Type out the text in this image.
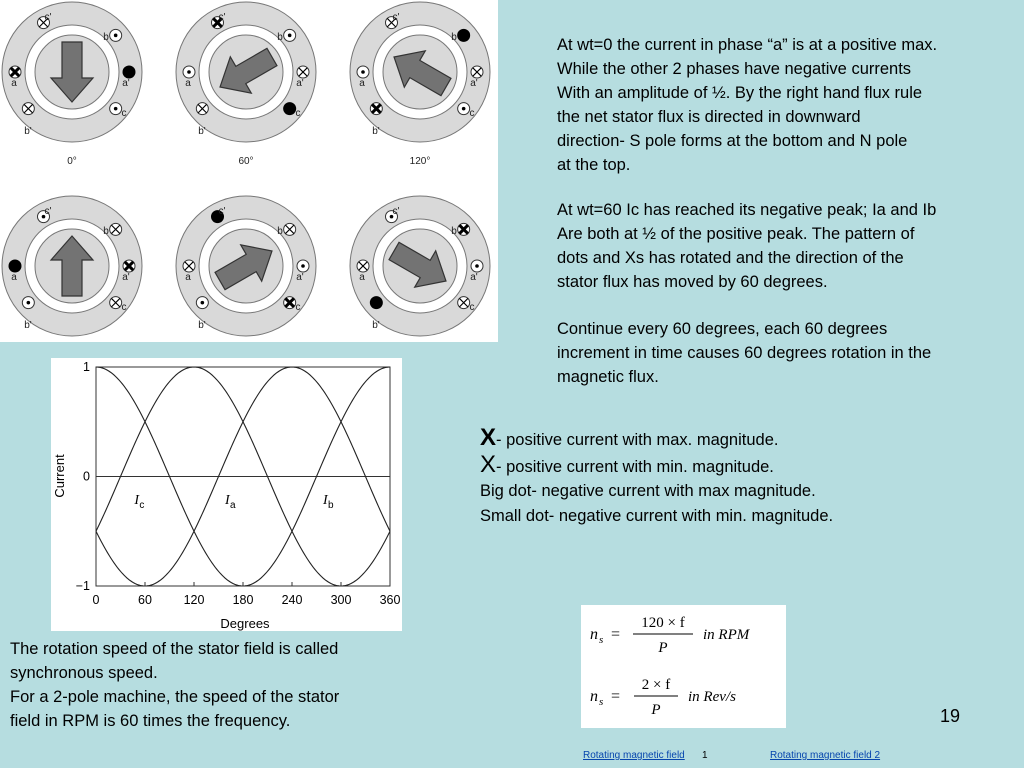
a	a'
b
b'
c
c'
0°
a	a'
b
b'
c
c'
60°
a	a'
b
b'
c
c'
120°
a	a'
b
b'
c
c'
a	a'
b
b'
c
c'
a	a'
b
b'
c
c'
0	60	120 180 240 300 360
1
0
−1
Degrees
Current
I a	I b
I c
At wt=0 the current in phase “a” is at a positive max.
While the other 2 phases have negative currents
With an amplitude of ½. By the right hand flux rule
the net stator flux is directed in downward
direction- S pole forms at the bottom and N pole
at the top.
At wt=60 Ic has reached its negative peak; Ia and Ib
Are both at ½ of the positive peak. The pattern of
dots and Xs has rotated and the direction of the
stator flux has moved by 60 degrees.
Continue every 60 degrees, each 60 degrees
increment in time causes 60 degrees rotation in the
magnetic flux.
X- positive current with max. magnitude.
X- positive current with min. magnitude.
Big dot- negative current with max magnitude.
Small dot- negative current with min. magnitude.
The rotation speed of the stator field is called
synchronous speed.
For a 2-pole machine, the speed of the stator
field in RPM is 60 times the frequency.
n s =
120 × f
P
in RPM
n s =
2 × f
P
in Rev/s
19
Rotating magnetic field 1	Rotating magnetic field 2
